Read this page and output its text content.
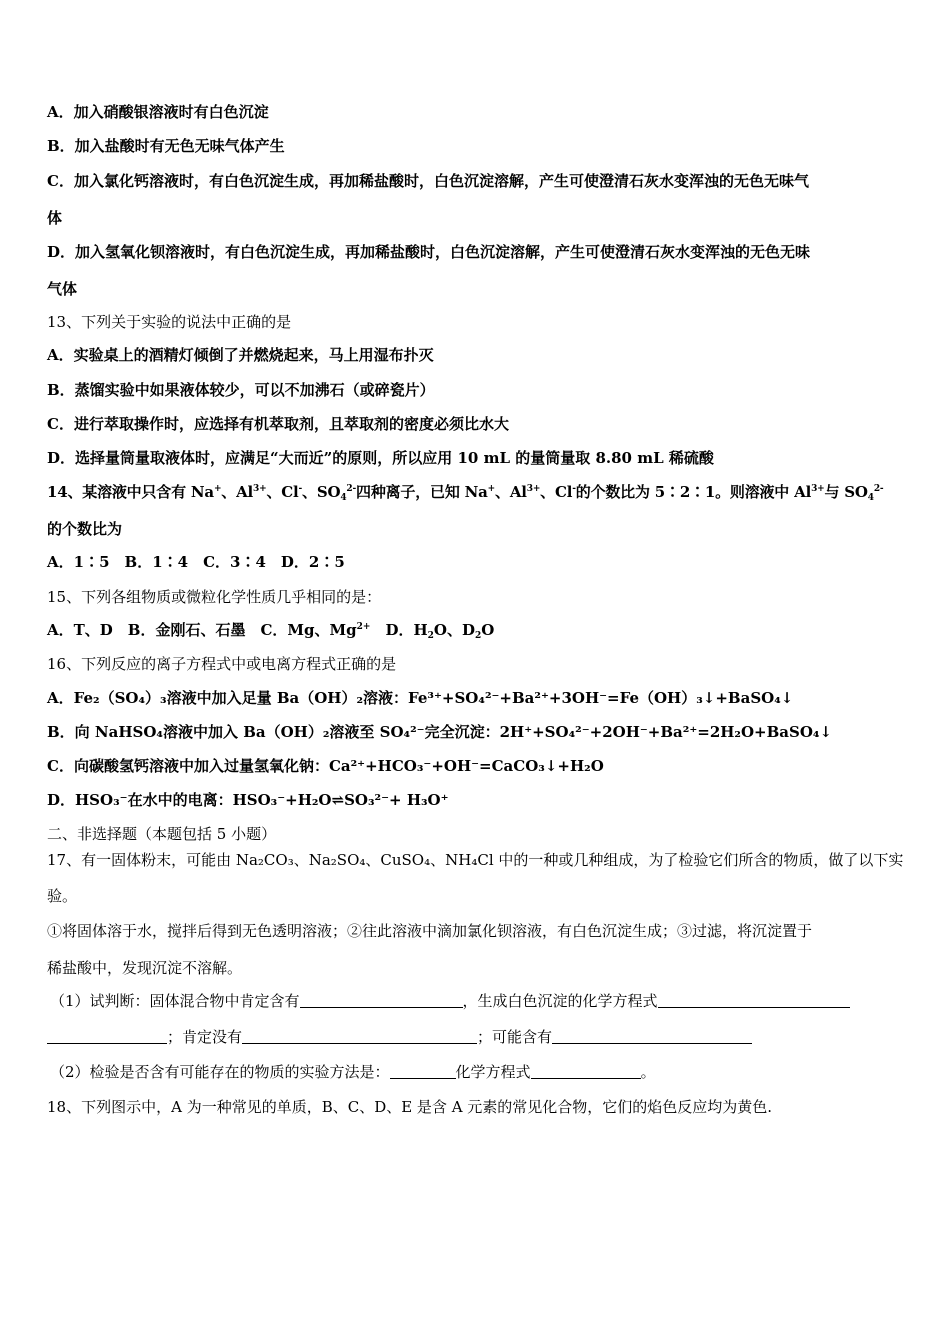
A．加入硝酸银溶液时有白色沉淀
B．加入盐酸时有无色无味气体产生
C．加入氯化钙溶液时，有白色沉淀生成，再加稀盐酸时，白色沉淀溶解，产生可使澄清石灰水变浑浊的无色无味气
体
D．加入氢氧化钡溶液时，有白色沉淀生成，再加稀盐酸时，白色沉淀溶解，产生可使澄清石灰水变浑浊的无色无味
气体
13、下列关于实验的说法中正确的是
A．实验桌上的酒精灯倾倒了并燃烧起来，马上用湿布扑灭
B．蒸馏实验中如果液体较少，可以不加沸石（或碎瓷片）
C．进行萃取操作时，应选择有机萃取剂，且萃取剂的密度必须比水大
D．选择量筒量取液体时，应满足“大而近”的原则，所以应用 10 mL 的量筒量取 8.80 mL 稀硫酸
14、某溶液中只含有 Na+、$Al^{3+}$、Cl-、$SO_4^{2-}$四种离子，已知 Na+、$Al^{3+}$、Cl-的个数比为 5∶2∶1。则溶液中 $Al^{3+}$与 $SO_4^{2-}$
的个数比为
A．1∶5　B．1∶4　C．3∶4　D．2∶5
15、下列各组物质或微粒化学性质几乎相同的是：
A．T、D　B．金刚石、石墨　C．Mg、$Mg^{2+}$　 D．$H_2O$、$D_2O$
16、下列反应的离子方程式中或电离方程式正确的是
A．Fe₂（SO₄）₃溶液中加入足量 Ba（OH）₂溶液：Fe³⁺+SO₄²⁻+Ba²⁺+3OH⁻=Fe（OH）₃↓+BaSO₄↓
B．向 NaHSO₄溶液中加入 Ba（OH）₂溶液至 SO₄²⁻完全沉淀：2H⁺+SO₄²⁻+2OH⁻+Ba²⁺=2H₂O+BaSO₄↓
C．向碳酸氢钙溶液中加入过量氢氧化钠：Ca²⁺+HCO₃⁻+OH⁻=CaCO₃↓+H₂O
D．HSO₃⁻在水中的电离：HSO₃⁻+H₂O⇌SO₃²⁻+ H₃O⁺
二、非选择题（本题包括 5 小题）
17、有一固体粉末，可能由 Na₂CO₃、Na₂SO₄、CuSO₄、NH₄Cl 中的一种或几种组成，为了检验它们所含的物质，做了以下实
验。
①将固体溶于水，搅拌后得到无色透明溶液；②往此溶液中滴加氯化钡溶液，有白色沉淀生成；③过滤，将沉淀置于
稀盐酸中，发现沉淀不溶解。
（1）试判断：固体混合物中肯定含有	，生成白色沉淀的化学方程式
；肯定没有	；可能含有
（2）检验是否含有可能存在的物质的实验方法是：	化学方程式	。
18、下列图示中，A 为一种常见的单质，B、C、D、E 是含 A 元素的常见化合物，它们的焰色反应均为黄色.
